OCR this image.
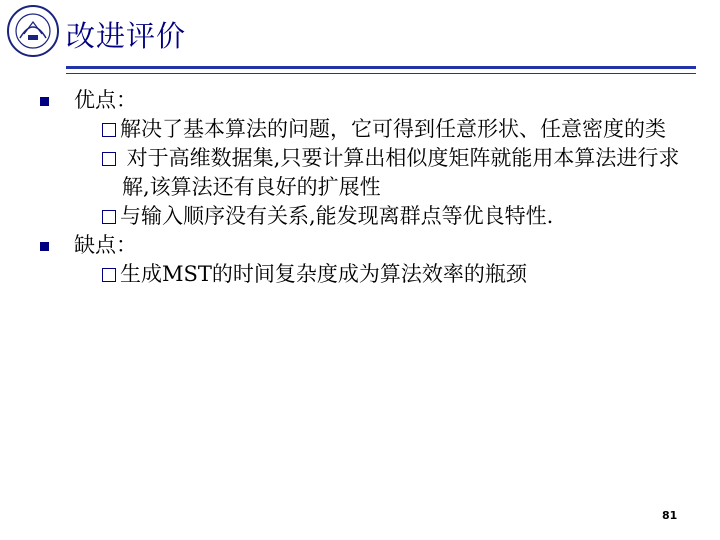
改进评价
优点：
解决了基本算法的问题，它可得到任意形状、任意密度的类
对于高维数据集,只要计算出相似度矩阵就能用本算法进行求解,该算法还有良好的扩展性
与输入顺序没有关系,能发现离群点等优良特性.
缺点：
生成MST的时间复杂度成为算法效率的瓶颈
81
